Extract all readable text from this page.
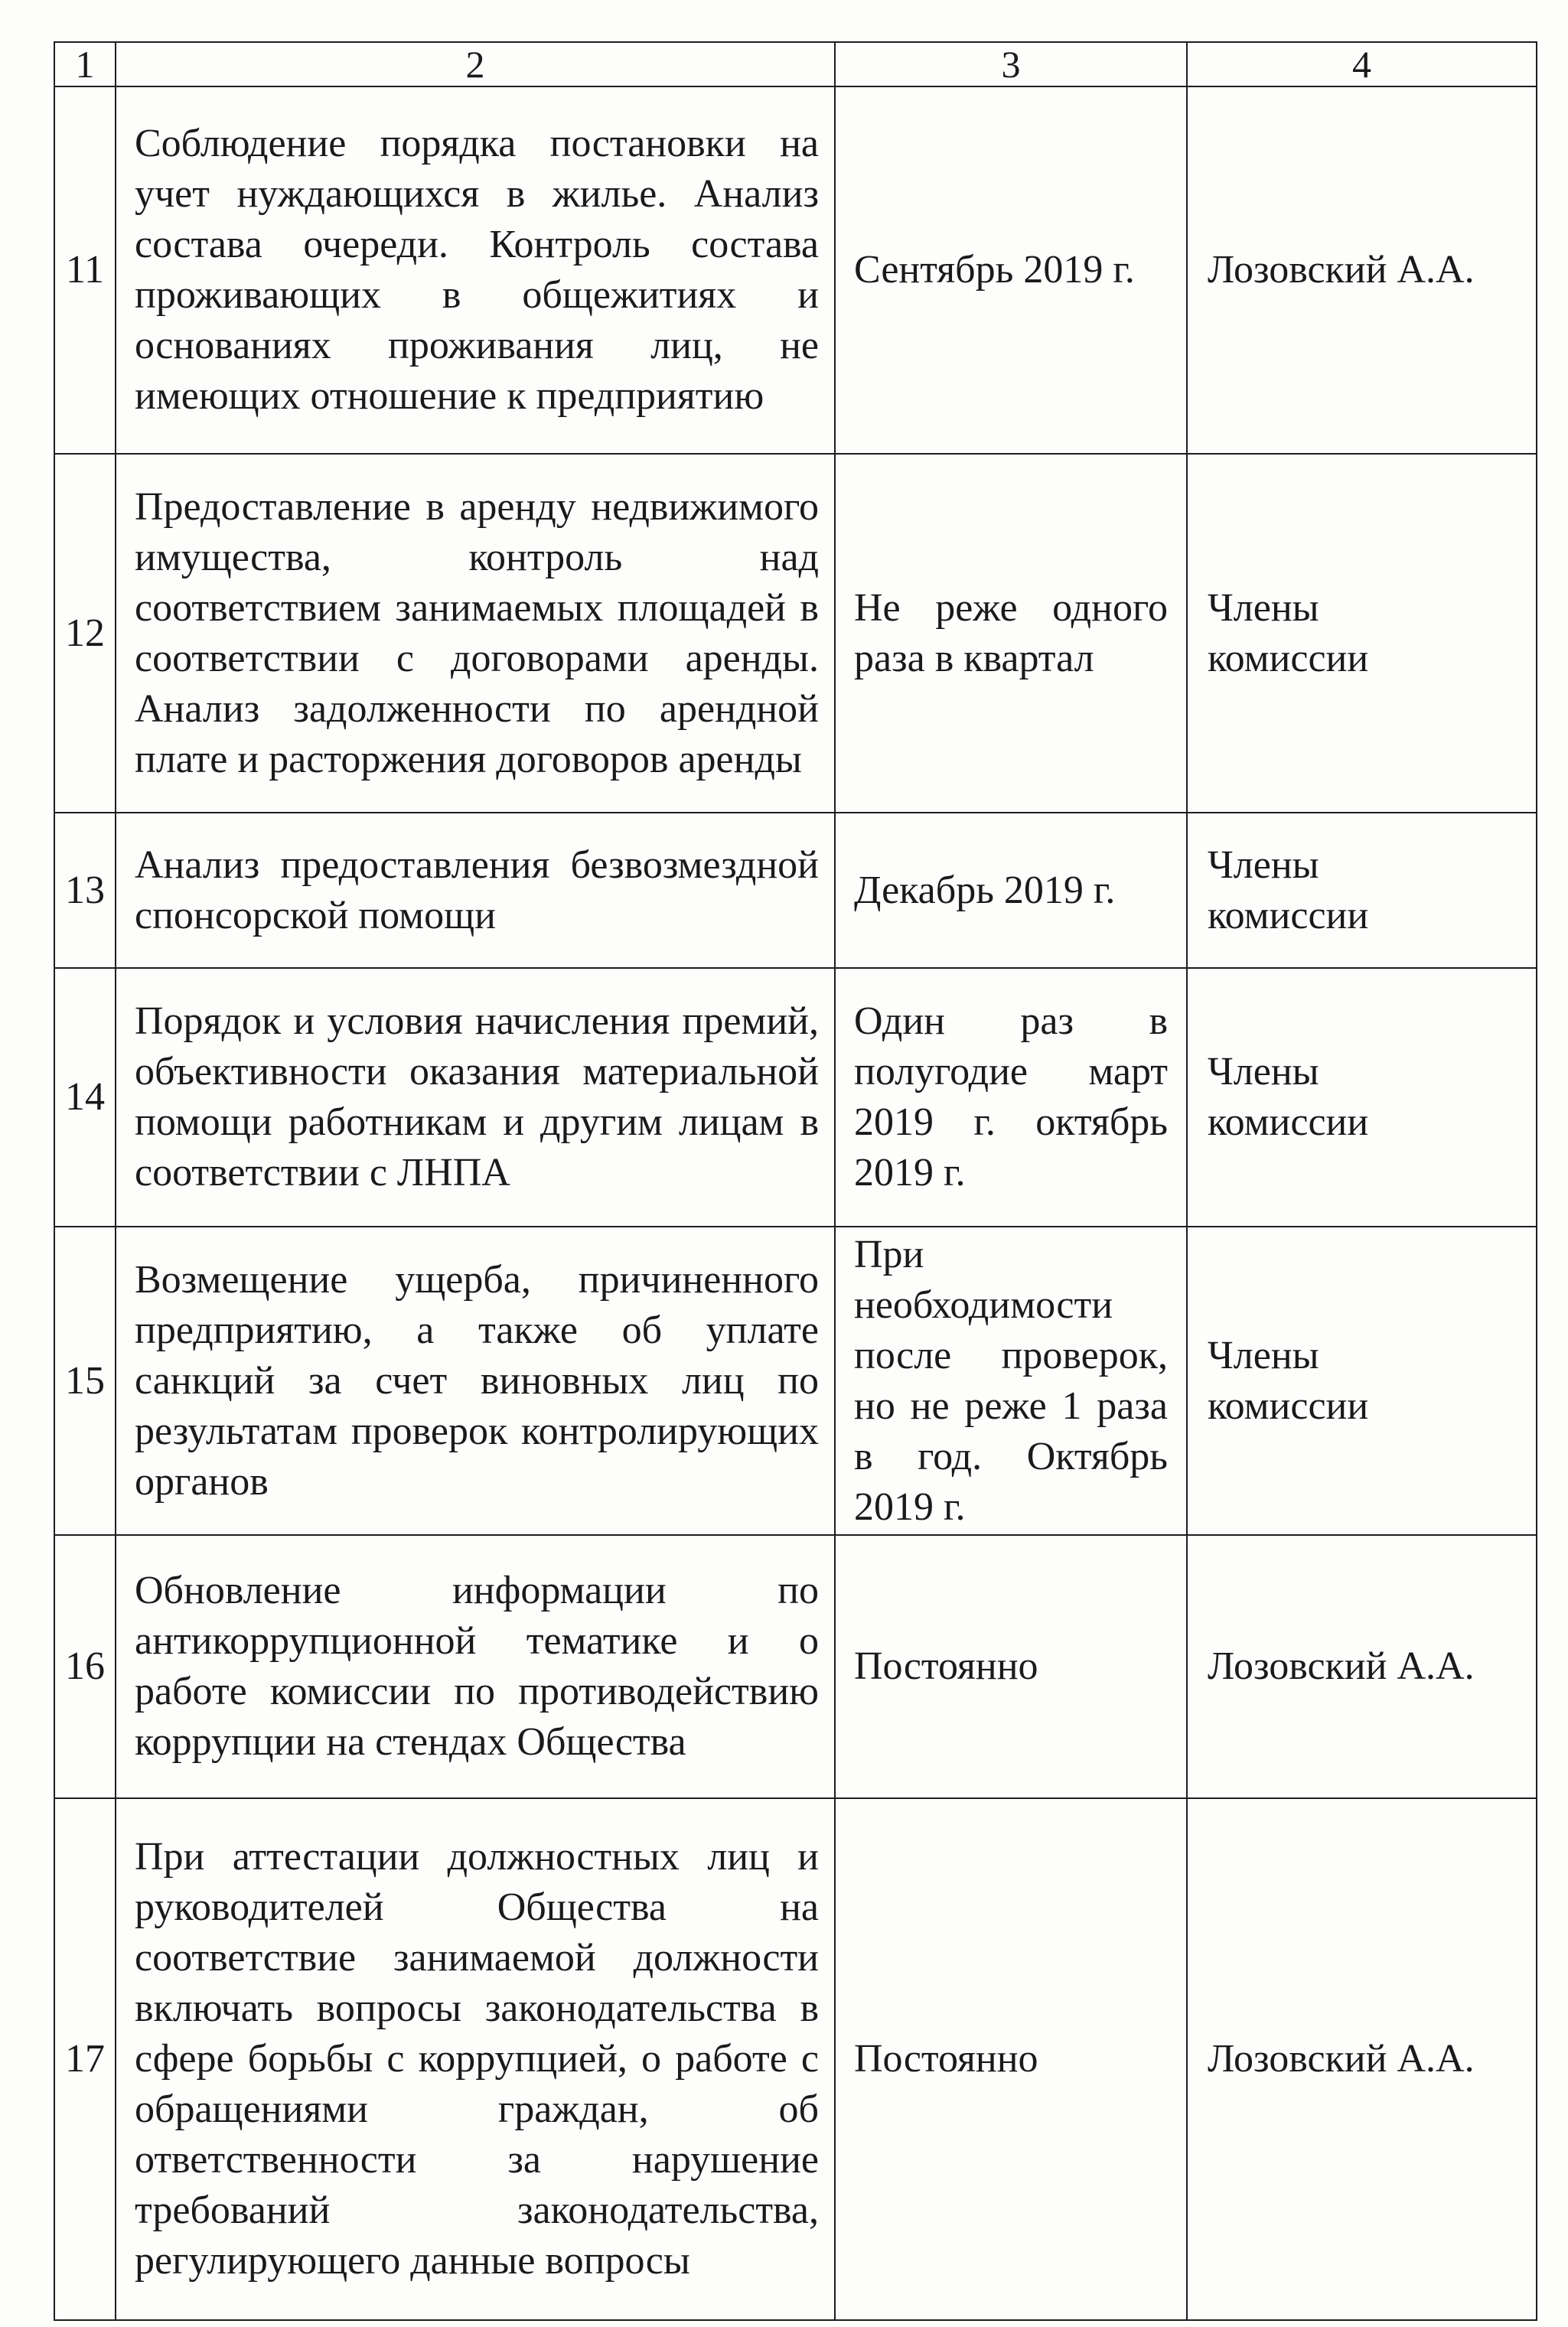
1	2	3	4
11	Соблюдение порядка постановки на учет нуждающихся в жилье. Анализ состава очереди. Контроль состава проживающих в общежитиях и основаниях проживания лиц, не имеющих отношение к предприятию	Сентябрь 2019 г.	Лозовский А.А.

12	Предоставление в аренду недвижимого имущества, контроль над соответствием занимаемых площадей в соответствии с договорами аренды. Анализ задолженности по арендной плате и расторжения договоров аренды	Не реже одного раза в квартал	Члены комиссии

13	Анализ предоставления безвозмездной спонсорской помощи	Декабрь 2019 г.	Члены комиссии

14	Порядок и условия начисления премий, объективности оказания материальной помощи работникам и другим лицам в соответствии с ЛНПА	Один раз в полугодие март 2019 г. октябрь 2019 г.	Члены комиссии

15	Возмещение ущерба, причиненного предприятию, а также об уплате санкций за счет виновных лиц по результатам проверок контролирующих органов	При необходимости после проверок, но не реже 1 раза в год. Октябрь 2019 г.	Члены комиссии

16	Обновление информации по антикоррупционной тематике и о работе комиссии по противодействию коррупции на стендах Общества	Постоянно	Лозовский А.А.

17	При аттестации должностных лиц и руководителей Общества на соответствие занимаемой должности включать вопросы законодательства в сфере борьбы с коррупцией, о работе с обращениями граждан, об ответственности за нарушение требований законодательства, регулирующего данные вопросы	Постоянно	Лозовский А.А.
